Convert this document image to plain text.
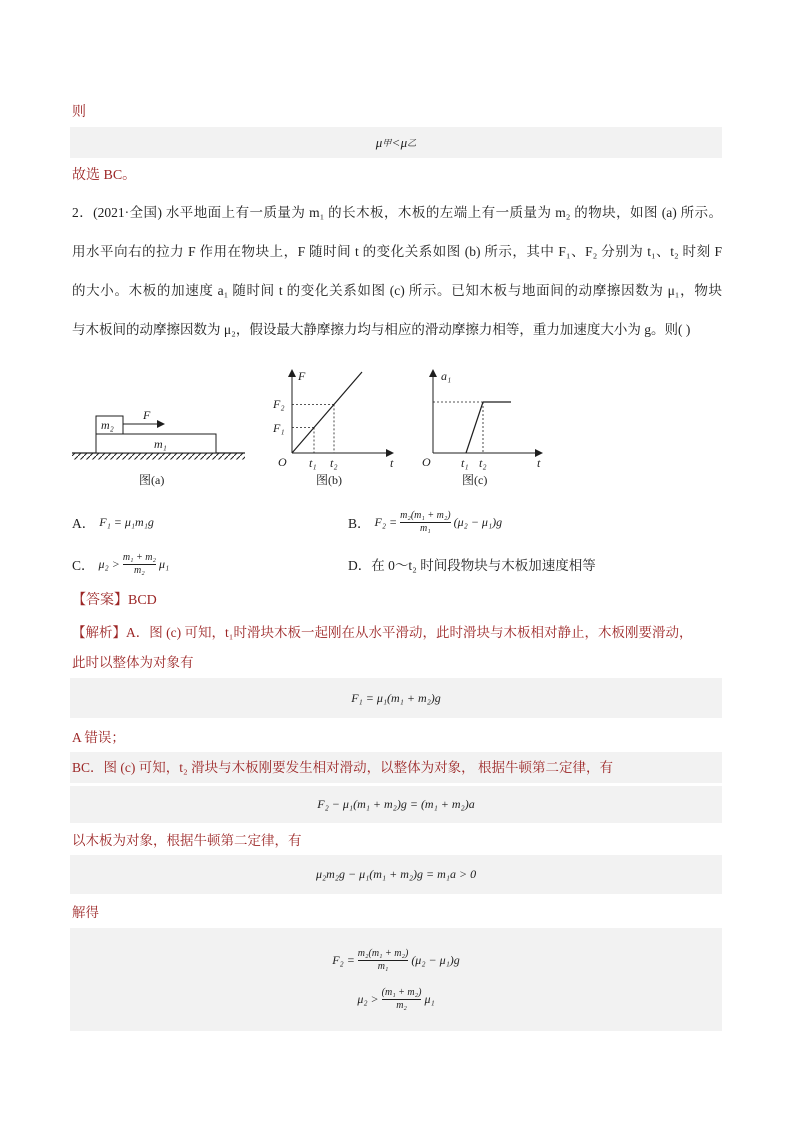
则
μ 甲 < μ 乙
故选 BC。
2．(2021·全国) 水平地面上有一质量为 m₁ 的长木板，木板的左端上有一质量为 m₂ 的物块，如图 (a) 所示。
用水平向右的拉力 F 作用在物块上，F 随时间 t 的变化关系如图 (b) 所示，其中 F₁、F₂ 分别为 t₁、t₂ 时刻 F
的大小。木板的加速度 a₁ 随时间 t 的变化关系如图 (c) 所示。已知木板与地面间的动摩擦因数为 μ₁，物块
与木板间的动摩擦因数为 μ₂，假设最大静摩擦力均与相应的滑动摩擦力相等，重力加速度大小为 g。则( )
m₁
m₂
F
图(a)
F
t
O
F₂
F₁
t₁ t₂
图(b)
a₁
t
O	t₁ t₂
图(c)
A． F₁ = μ₁m₁g	B． $F_2 = \frac{\text{m₂(m₁ + m₂)}}{\text{m₁}} (\mu_2 - \mu_1)g$
C． $\mu_2 > \frac{\text{m₁ + m₂}}{\text{m₂}} \mu_1$	D． 在 0～t₂ 时间段物块与木板加速度相等
【答案】BCD
【解析】A．图 (c) 可知，t₁时滑块木板一起刚在从水平滑动，此时滑块与木板相对静止，木板刚要滑动，
此时以整体为对象有
F₁ = μ₁(m₁ + m₂)g
A 错误；
BC．图 (c) 可知，t₂ 滑块与木板刚要发生相对滑动，以整体为对象， 根据牛顿第二定律，有
F₂ − μ₁(m₁ + m₂)g = (m₁ + m₂)a
以木板为对象，根据牛顿第二定律，有
μ₂m₂g − μ₁(m₁ + m₂)g = m₁a > 0
解得
$F_2 = \frac{\text{m₂(m₁ + m₂)}}{\text{m₁}} (\mu_2 - \mu_1)g$
$\mu_2 > \frac{\text{(m₁ + m₂)}}{\text{m₂}} \mu_1$
